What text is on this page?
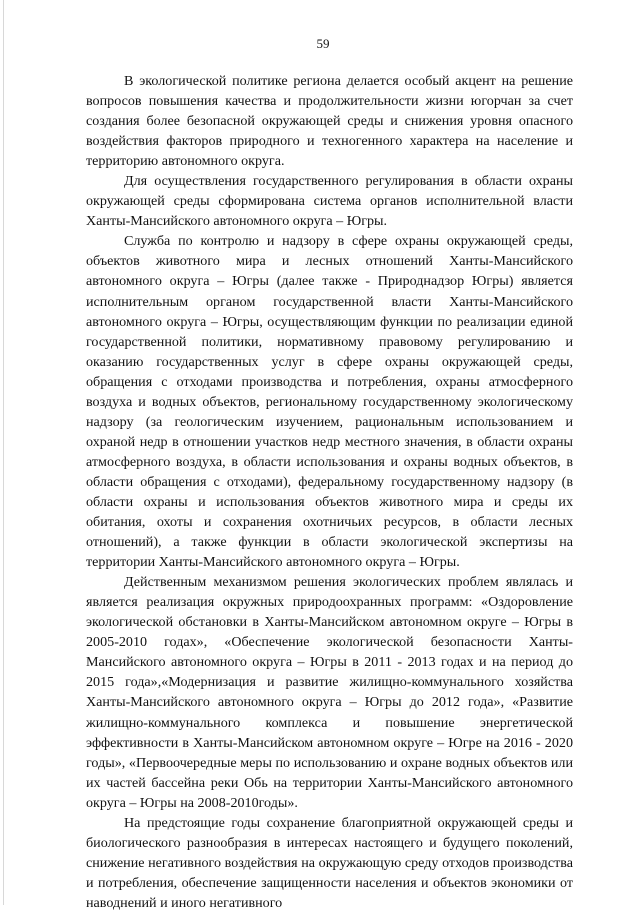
59

В экологической политике региона делается особый акцент на решение вопросов повышения качества и продолжительности жизни югорчан за счет создания более безопасной окружающей среды и снижения уровня опасного воздействия факторов природного и техногенного характера на население и территорию автономного округа.

Для осуществления государственного регулирования в области охраны окружающей среды сформирована система органов исполнительной власти Ханты-Мансийского автономного округа – Югры.

Служба по контролю и надзору в сфере охраны окружающей среды, объектов животного мира и лесных отношений Ханты-Мансийского автономного округа – Югры (далее также - Природнадзор Югры) является исполнительным органом государственной власти Ханты-Мансийского автономного округа – Югры, осуществляющим функции по реализации единой государственной политики, нормативному правовому регулированию и оказанию государственных услуг в сфере охраны окружающей среды, обращения с отходами производства и потребления, охраны атмосферного воздуха и водных объектов, региональному государственному экологическому надзору (за геологическим изучением, рациональным использованием и охраной недр в отношении участков недр местного значения, в области охраны атмосферного воздуха, в области использования и охраны водных объектов, в области обращения с отходами), федеральному государственному надзору (в области охраны и использования объектов животного мира и среды их обитания, охоты и сохранения охотничьих ресурсов, в области лесных отношений), а также функции в области экологической экспертизы на территории Ханты-Мансийского автономного округа – Югры.

Действенным механизмом решения экологических проблем являлась и является реализация окружных природоохранных программ: «Оздоровление экологической обстановки в Ханты-Мансийском автономном округе – Югры в 2005-2010 годах», «Обеспечение экологической безопасности Ханты-Мансийского автономного округа – Югры в 2011 - 2013 годах и на период до 2015 года»,«Модернизация и развитие жилищно-коммунального хозяйства Ханты-Мансийского автономного округа – Югры до 2012 года», «Развитие жилищно-коммунального комплекса и повышение энергетической эффективности в Ханты-Мансийском автономном округе – Югре на 2016 - 2020 годы», «Первоочередные меры по использованию и охране водных объектов или их частей бассейна реки Обь на территории Ханты-Мансийского автономного округа – Югры на 2008-2010годы».

На предстоящие годы сохранение благоприятной окружающей среды и биологического разнообразия в интересах настоящего и будущего поколений, снижение негативного воздействия на окружающую среду отходов производства и потребления, обеспечение защищенности населения и объектов экономики от наводнений и иного негативного
